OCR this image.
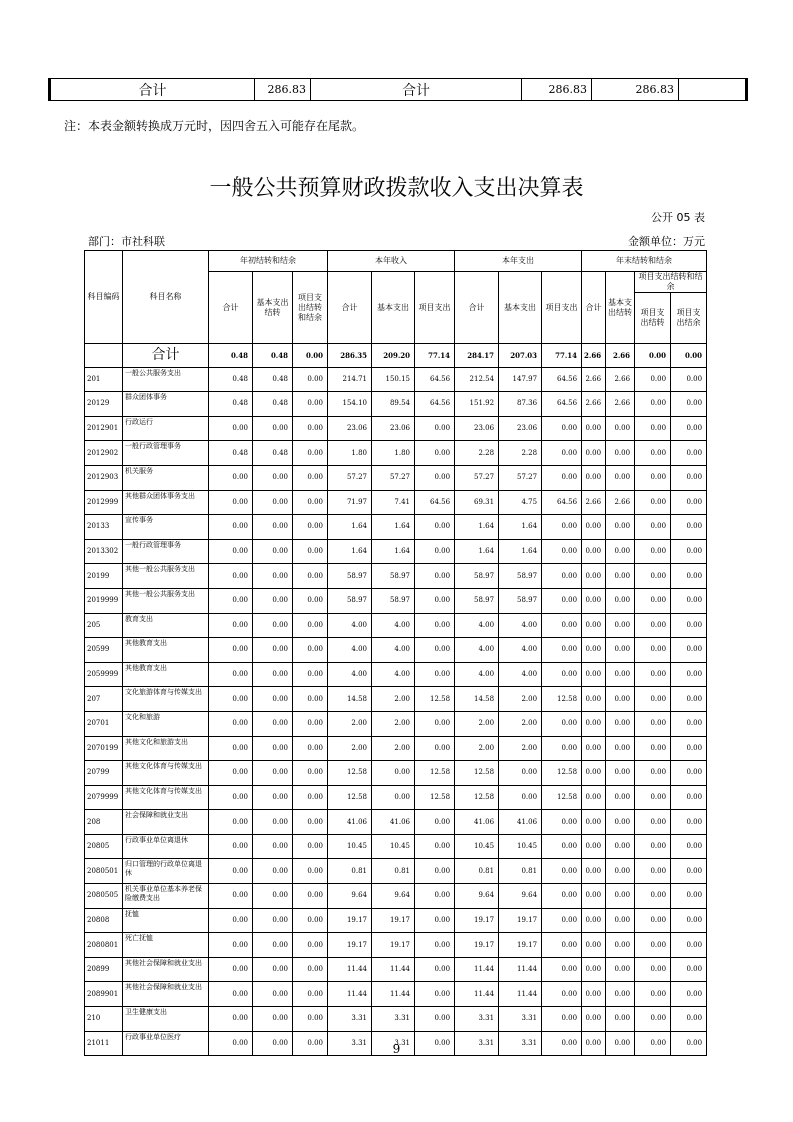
合计	286.83	合计	286.83	286.83	
注：本表金额转换成万元时，因四舍五入可能存在尾款。
一般公共预算财政拨款收入支出决算表
公开 05 表
部门：市社科联	金额单位：万元
科目编码	科目名称	年初结转和结余			本年收入			本年支出			年末结转和结余			
		合计	基本支出结转	项目支出结转和结余	合计	基本支出	项目支出	合计	基本支出	项目支出	合计	基本支出结转	项目支出结转和结余	
													项目支出结转	项目支出结余
	合计	0.48	0.48	0.00	286.35	209.20	77.14	284.17	207.03	77.14	2.66	2.66	0.00	0.00
201	一般公共服务支出	0.48	0.48	0.00	214.71	150.15	64.56	212.54	147.97	64.56	2.66	2.66	0.00	0.00
20129	群众团体事务	0.48	0.48	0.00	154.10	89.54	64.56	151.92	87.36	64.56	2.66	2.66	0.00	0.00
2012901	行政运行	0.00	0.00	0.00	23.06	23.06	0.00	23.06	23.06	0.00	0.00	0.00	0.00	0.00
2012902	一般行政管理事务	0.48	0.48	0.00	1.80	1.80	0.00	2.28	2.28	0.00	0.00	0.00	0.00	0.00
2012903	机关服务	0.00	0.00	0.00	57.27	57.27	0.00	57.27	57.27	0.00	0.00	0.00	0.00	0.00
2012999	其他群众团体事务支出	0.00	0.00	0.00	71.97	7.41	64.56	69.31	4.75	64.56	2.66	2.66	0.00	0.00
20133	宣传事务	0.00	0.00	0.00	1.64	1.64	0.00	1.64	1.64	0.00	0.00	0.00	0.00	0.00
2013302	一般行政管理事务	0.00	0.00	0.00	1.64	1.64	0.00	1.64	1.64	0.00	0.00	0.00	0.00	0.00
20199	其他一般公共服务支出	0.00	0.00	0.00	58.97	58.97	0.00	58.97	58.97	0.00	0.00	0.00	0.00	0.00
2019999	其他一般公共服务支出	0.00	0.00	0.00	58.97	58.97	0.00	58.97	58.97	0.00	0.00	0.00	0.00	0.00
205	教育支出	0.00	0.00	0.00	4.00	4.00	0.00	4.00	4.00	0.00	0.00	0.00	0.00	0.00
20599	其他教育支出	0.00	0.00	0.00	4.00	4.00	0.00	4.00	4.00	0.00	0.00	0.00	0.00	0.00
2059999	其他教育支出	0.00	0.00	0.00	4.00	4.00	0.00	4.00	4.00	0.00	0.00	0.00	0.00	0.00
207	文化旅游体育与传媒支出	0.00	0.00	0.00	14.58	2.00	12.58	14.58	2.00	12.58	0.00	0.00	0.00	0.00
20701	文化和旅游	0.00	0.00	0.00	2.00	2.00	0.00	2.00	2.00	0.00	0.00	0.00	0.00	0.00
2070199	其他文化和旅游支出	0.00	0.00	0.00	2.00	2.00	0.00	2.00	2.00	0.00	0.00	0.00	0.00	0.00
20799	其他文化体育与传媒支出	0.00	0.00	0.00	12.58	0.00	12.58	12.58	0.00	12.58	0.00	0.00	0.00	0.00
2079999	其他文化体育与传媒支出	0.00	0.00	0.00	12.58	0.00	12.58	12.58	0.00	12.58	0.00	0.00	0.00	0.00
208	社会保障和就业支出	0.00	0.00	0.00	41.06	41.06	0.00	41.06	41.06	0.00	0.00	0.00	0.00	0.00
20805	行政事业单位离退休	0.00	0.00	0.00	10.45	10.45	0.00	10.45	10.45	0.00	0.00	0.00	0.00	0.00
2080501	归口管理的行政单位离退休	0.00	0.00	0.00	0.81	0.81	0.00	0.81	0.81	0.00	0.00	0.00	0.00	0.00
2080505	机关事业单位基本养老保险缴费支出	0.00	0.00	0.00	9.64	9.64	0.00	9.64	9.64	0.00	0.00	0.00	0.00	0.00
20808	抚恤	0.00	0.00	0.00	19.17	19.17	0.00	19.17	19.17	0.00	0.00	0.00	0.00	0.00
2080801	死亡抚恤	0.00	0.00	0.00	19.17	19.17	0.00	19.17	19.17	0.00	0.00	0.00	0.00	0.00
20899	其他社会保障和就业支出	0.00	0.00	0.00	11.44	11.44	0.00	11.44	11.44	0.00	0.00	0.00	0.00	0.00
2089901	其他社会保障和就业支出	0.00	0.00	0.00	11.44	11.44	0.00	11.44	11.44	0.00	0.00	0.00	0.00	0.00
210	卫生健康支出	0.00	0.00	0.00	3.31	3.31	0.00	3.31	3.31	0.00	0.00	0.00	0.00	0.00
21011	行政事业单位医疗	0.00	0.00	0.00	3.31	3.31	0.00	3.31	3.31	0.00	0.00	0.00	0.00	0.00
9
